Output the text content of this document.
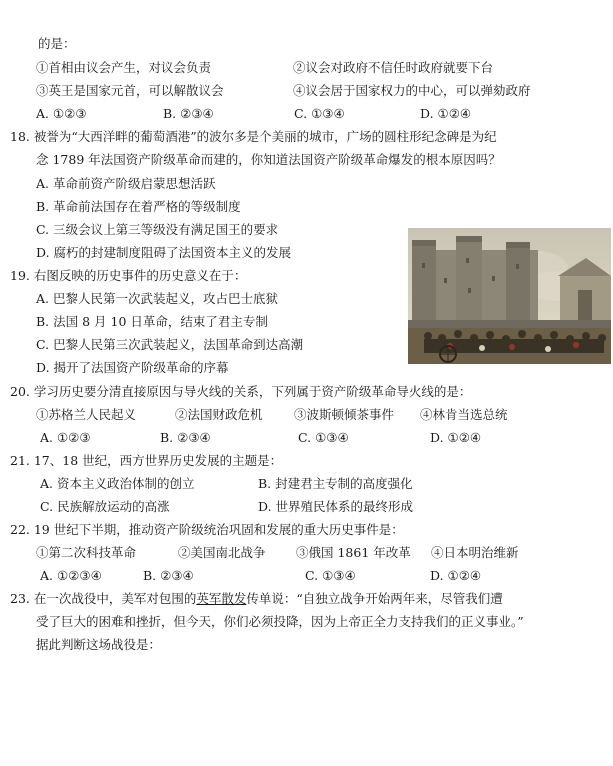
的是：
①首相由议会产生，对议会负责	②议会对政府不信任时政府就要下台
③英王是国家元首，可以解散议会	④议会居于国家权力的中心，可以弹劾政府
A. ①②③	B. ②③④	C. ①③④	D. ①②④
18. 被誉为“大西洋畔的葡萄酒港”的波尔多是个美丽的城市，广场的圆柱形纪念碑是为纪
念 1789 年法国资产阶级革命而建的，你知道法国资产阶级革命爆发的根本原因吗？
A. 革命前资产阶级启蒙思想活跃
B. 革命前法国存在着严格的等级制度
C. 三级会议上第三等级没有满足国王的要求
D. 腐朽的封建制度阻碍了法国资本主义的发展
19. 右图反映的历史事件的历史意义在于：
A. 巴黎人民第一次武装起义，攻占巴士底狱
B. 法国 8 月 10 日革命，结束了君主专制
C. 巴黎人民第三次武装起义，法国革命到达高潮
D. 揭开了法国资产阶级革命的序幕
20. 学习历史要分清直接原因与导火线的关系，下列属于资产阶级革命导火线的是：
①苏格兰人民起义	②法国财政危机	③波斯顿倾茶事件 ④林肯当选总统
A. ①②③	B. ②③④	C. ①③④	D. ①②④
21. 17、18 世纪，西方世界历史发展的主题是：
A. 资本主义政治体制的创立	B. 封建君主专制的高度强化
C. 民族解放运动的高涨	D. 世界殖民体系的最终形成
22. 19 世纪下半期，推动资产阶级统治巩固和发展的重大历史事件是：
①第二次科技革命	②美国南北战争 ③俄国 1861 年改革 ④日本明治维新
A. ①②③④	B. ②③④	C. ①③④	D. ①②④
23. 在一次战役中，美军对包围的英军散发传单说：“自独立战争开始两年来，尽管我们遭
受了巨大的困难和挫折，但今天，你们必须投降，因为上帝正全力支持我们的正义事业。”
据此判断这场战役是：
